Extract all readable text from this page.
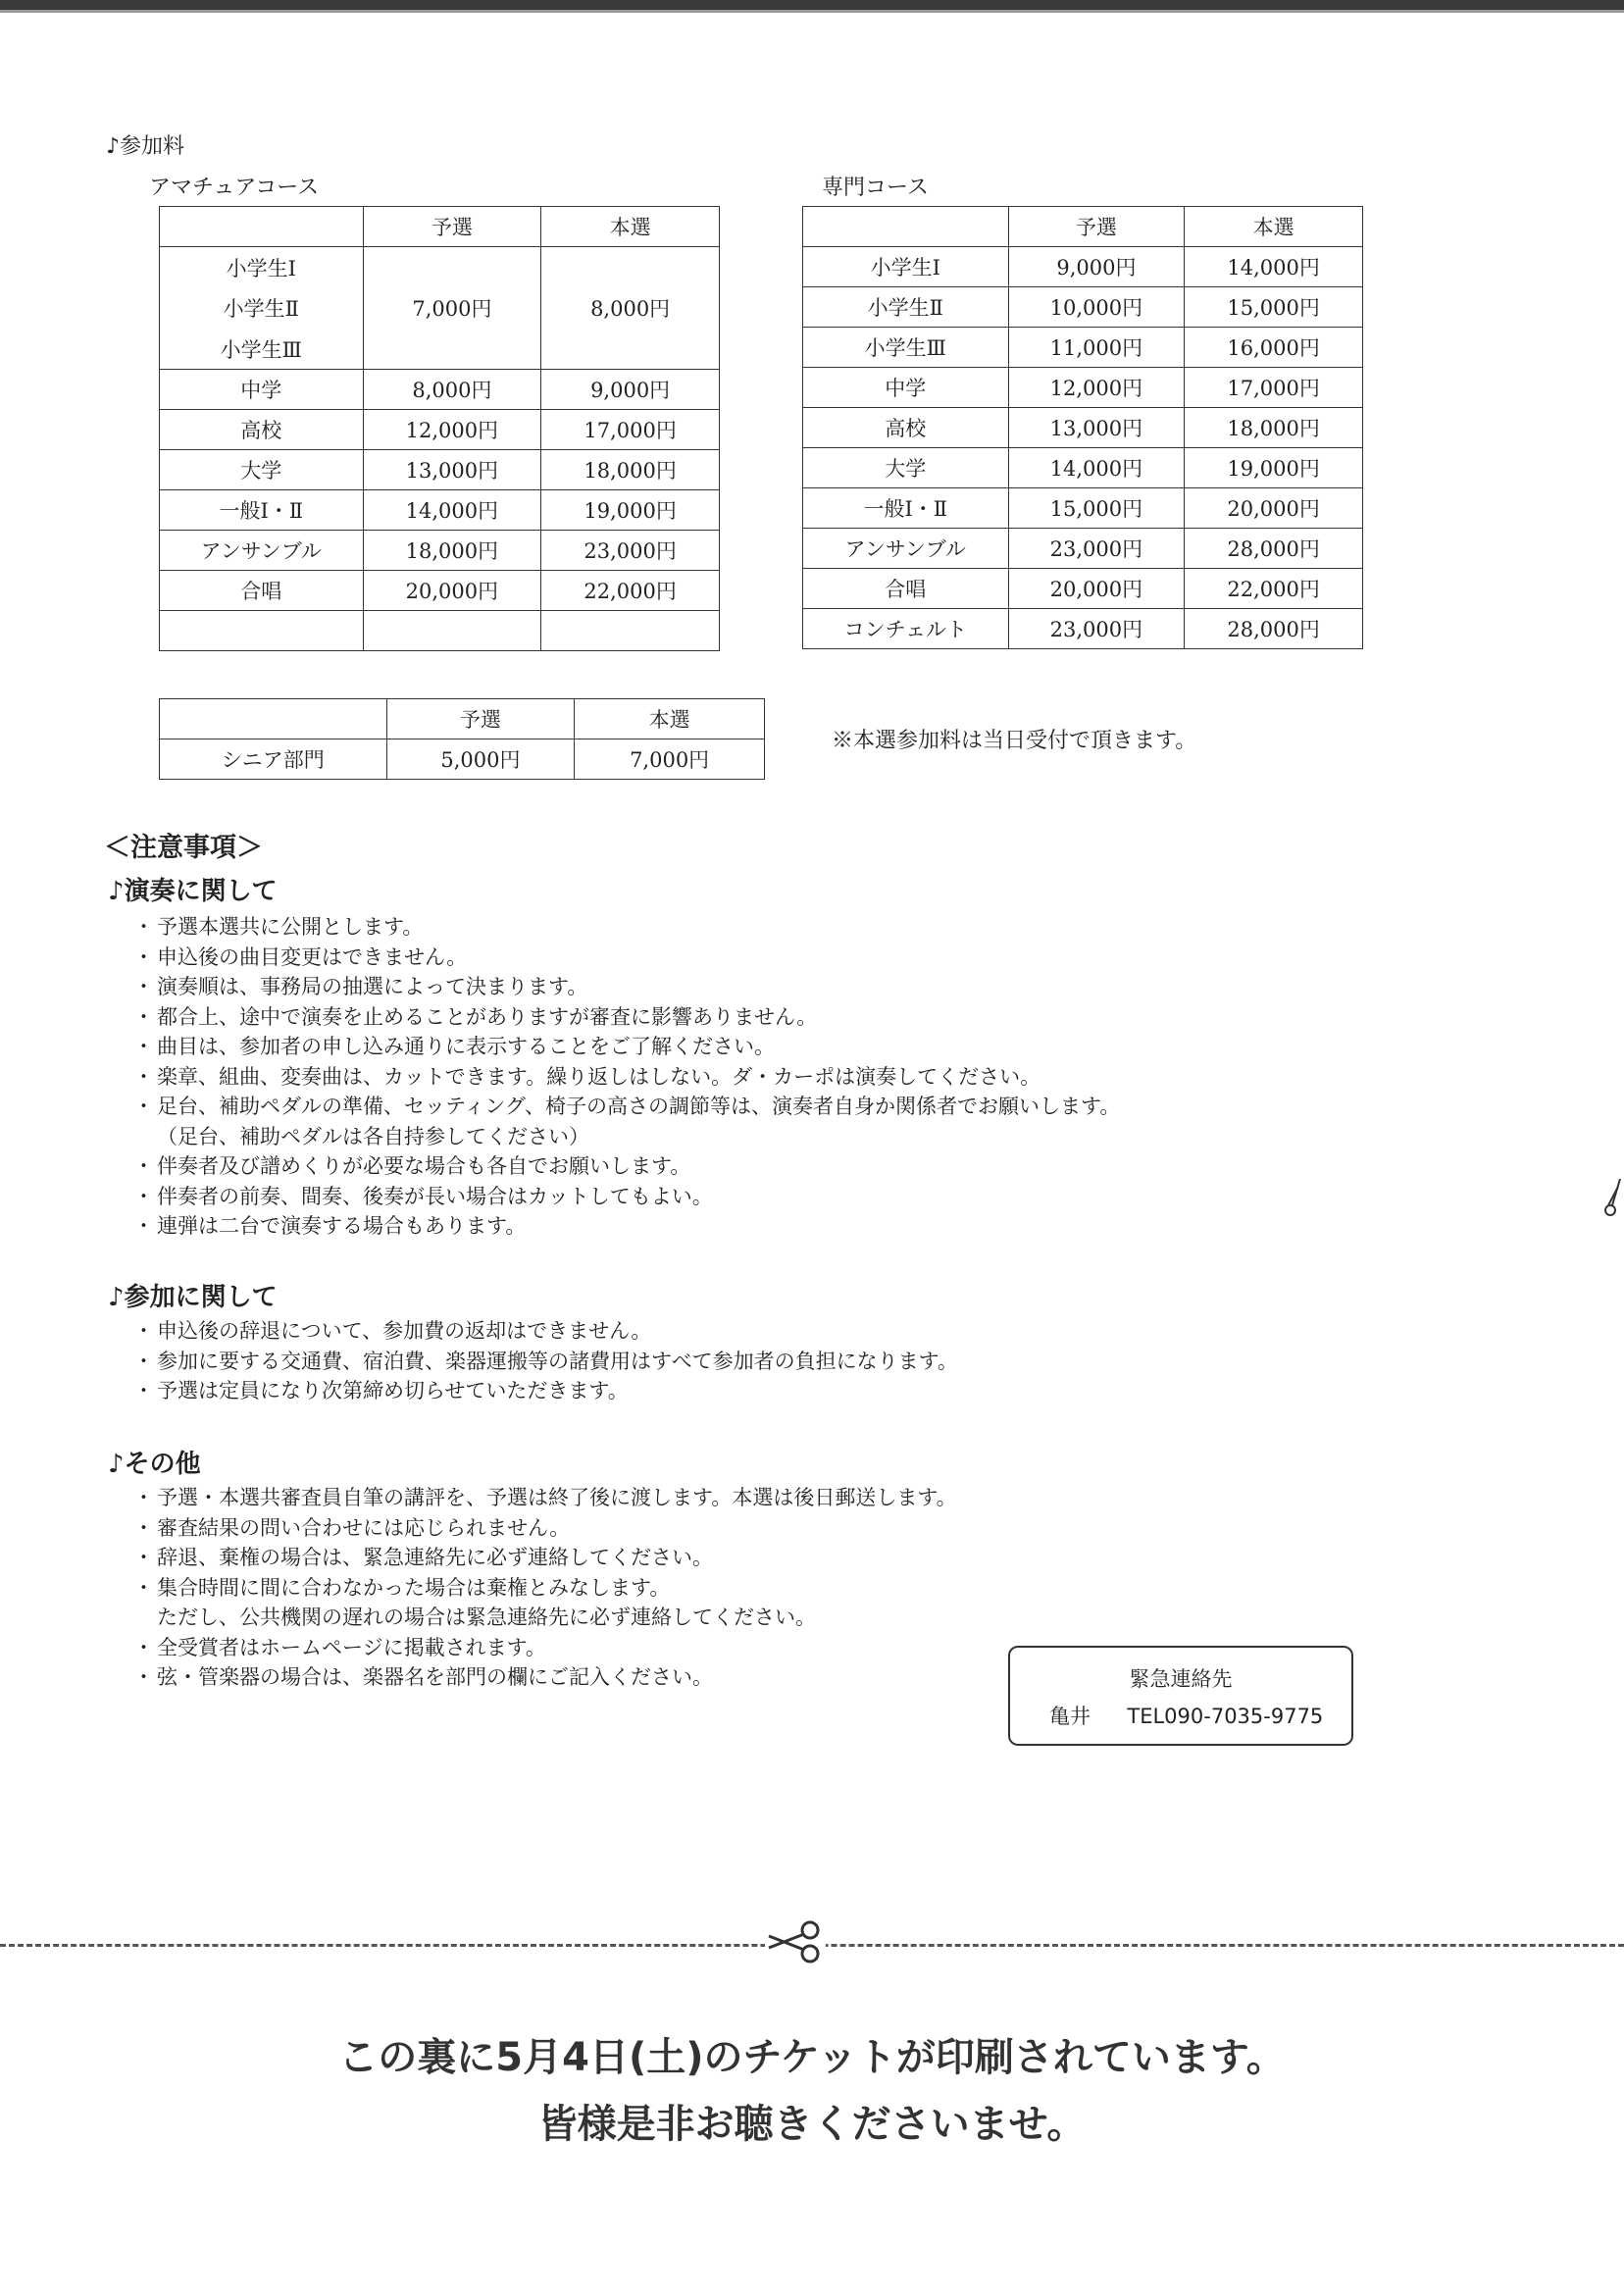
♪参加料
アマチュアコース
	予選	本選
小学生Ⅰ	7,000円	8,000円
小学生Ⅱ		
小学生Ⅲ		
中学	8,000円	9,000円
高校	12,000円	17,000円
大学	13,000円	18,000円
一般Ⅰ・Ⅱ	14,000円	19,000円
アンサンブル	18,000円	23,000円
合唱	20,000円	22,000円

専門コース
	予選	本選
小学生Ⅰ	9,000円	14,000円
小学生Ⅱ	10,000円	15,000円
小学生Ⅲ	11,000円	16,000円
中学	12,000円	17,000円
高校	13,000円	18,000円
大学	14,000円	19,000円
一般Ⅰ・Ⅱ	15,000円	20,000円
アンサンブル	23,000円	28,000円
合唱	20,000円	22,000円
コンチェルト	23,000円	28,000円
	予選	本選
シニア部門	5,000円	7,000円
※本選参加料は当日受付で頂きます。
＜注意事項＞
♪演奏に関して
・ 予選本選共に公開とします。
・ 申込後の曲目変更はできません。
・ 演奏順は、事務局の抽選によって決まります。
・ 都合上、途中で演奏を止めることがありますが審査に影響ありません。
・ 曲目は、参加者の申し込み通りに表示することをご了解ください。
・ 楽章、組曲、変奏曲は、カットできます。繰り返しはしない。ダ・カーポは演奏してください。
・ 足台、補助ペダルの準備、セッティング、椅子の高さの調節等は、演奏者自身か関係者でお願いします。
（足台、補助ペダルは各自持参してください）
・ 伴奏者及び譜めくりが必要な場合も各自でお願いします。
・ 伴奏者の前奏、間奏、後奏が長い場合はカットしてもよい。
・ 連弾は二台で演奏する場合もあります。
♪参加に関して
・ 申込後の辞退について、参加費の返却はできません。
・ 参加に要する交通費、宿泊費、楽器運搬等の諸費用はすべて参加者の負担になります。
・ 予選は定員になり次第締め切らせていただきます。
♪その他
・ 予選・本選共審査員自筆の講評を、予選は終了後に渡します。本選は後日郵送します。
・ 審査結果の問い合わせには応じられません。
・ 辞退、棄権の場合は、緊急連絡先に必ず連絡してください。
・ 集合時間に間に合わなかった場合は棄権とみなします。
ただし、公共機関の遅れの場合は緊急連絡先に必ず連絡してください。
・ 全受賞者はホームページに掲載されます。
・ 弦・管楽器の場合は、楽器名を部門の欄にご記入ください。	緊急連絡先
亀井 TEL090-7035-9775
この裏に5月4日(土)のチケットが印刷されています。
皆様是非お聴きくださいませ。
